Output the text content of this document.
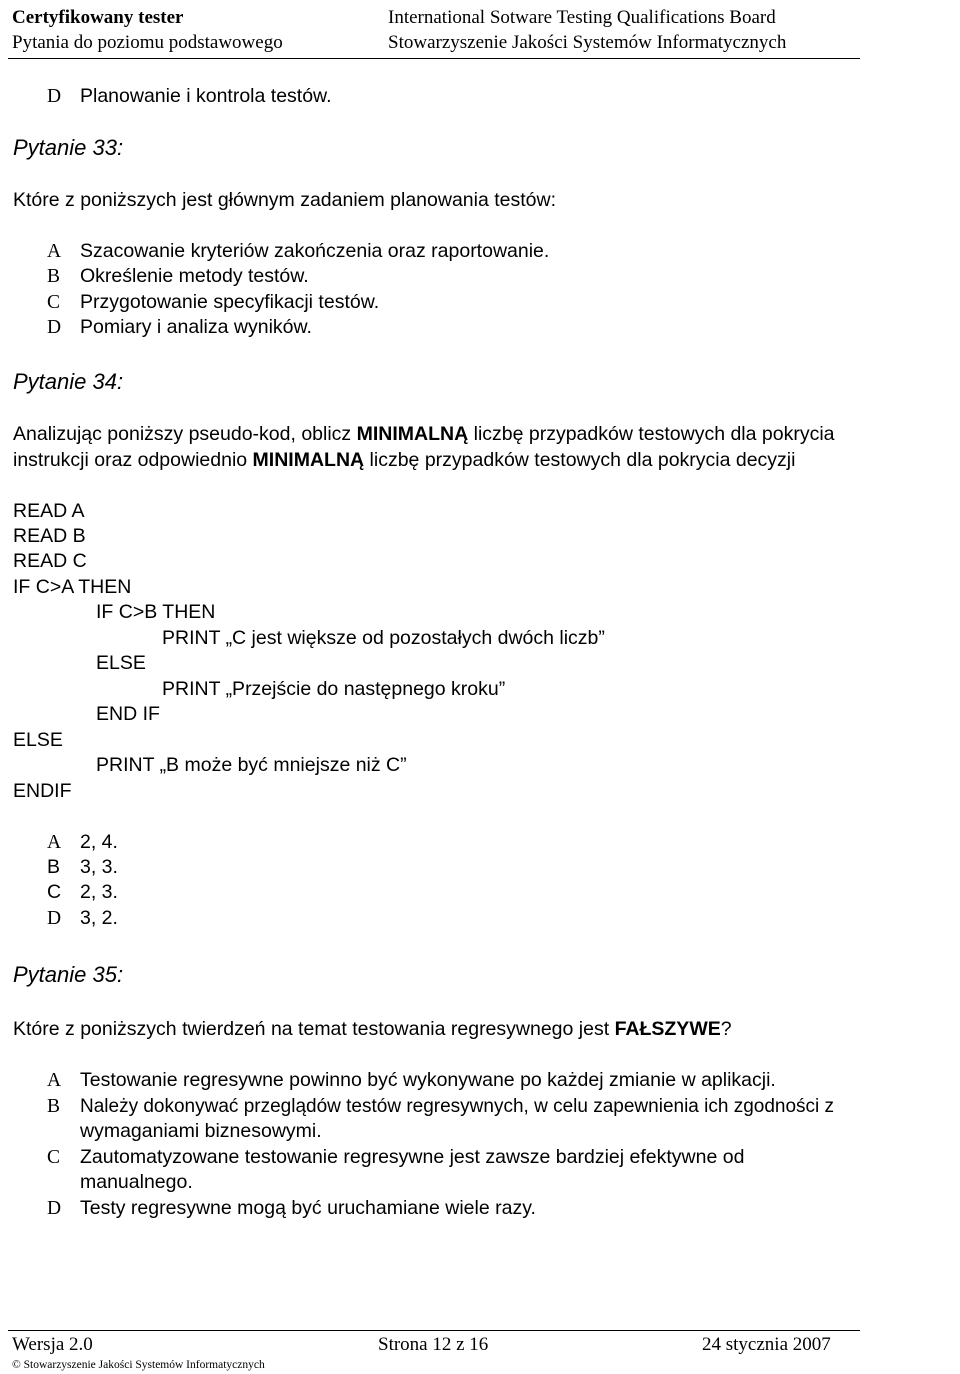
Certyfikowany tester
Pytania do poziomu podstawowego
International Sotware Testing Qualifications Board
Stowarzyszenie Jakości Systemów Informatycznych
D Planowanie i kontrola testów.
Pytanie 33:
Które z poniższych jest głównym zadaniem planowania testów:
A Szacowanie kryteriów zakończenia oraz raportowanie.
B Określenie metody testów.
C Przygotowanie specyfikacji testów.
D Pomiary i analiza wyników.
Pytanie 34:
Analizując poniższy pseudo-kod, oblicz MINIMALNĄ liczbę przypadków testowych dla pokrycia
instrukcji oraz odpowiednio MINIMALNĄ liczbę przypadków testowych dla pokrycia decyzji
READ A
READ B
READ C
IF C>A THEN
IF C>B THEN
PRINT „C jest większe od pozostałych dwóch liczb”
ELSE
PRINT „Przejście do następnego kroku”
END IF
ELSE
PRINT „B może być mniejsze niż C”
ENDIF
A 2, 4.
B 3, 3.
C 2, 3.
D 3, 2.
Pytanie 35:
Które z poniższych twierdzeń na temat testowania regresywnego jest FAŁSZYWE?
A Testowanie regresywne powinno być wykonywane po każdej zmianie w aplikacji.
B Należy dokonywać przeglądów testów regresywnych, w celu zapewnienia ich zgodności z
wymaganiami biznesowymi.
C Zautomatyzowane testowanie regresywne jest zawsze bardziej efektywne od
manualnego.
D Testy regresywne mogą być uruchamiane wiele razy.
Wersja 2.0	Strona 12 z 16	24 stycznia 2007
© Stowarzyszenie Jakości Systemów Informatycznych
